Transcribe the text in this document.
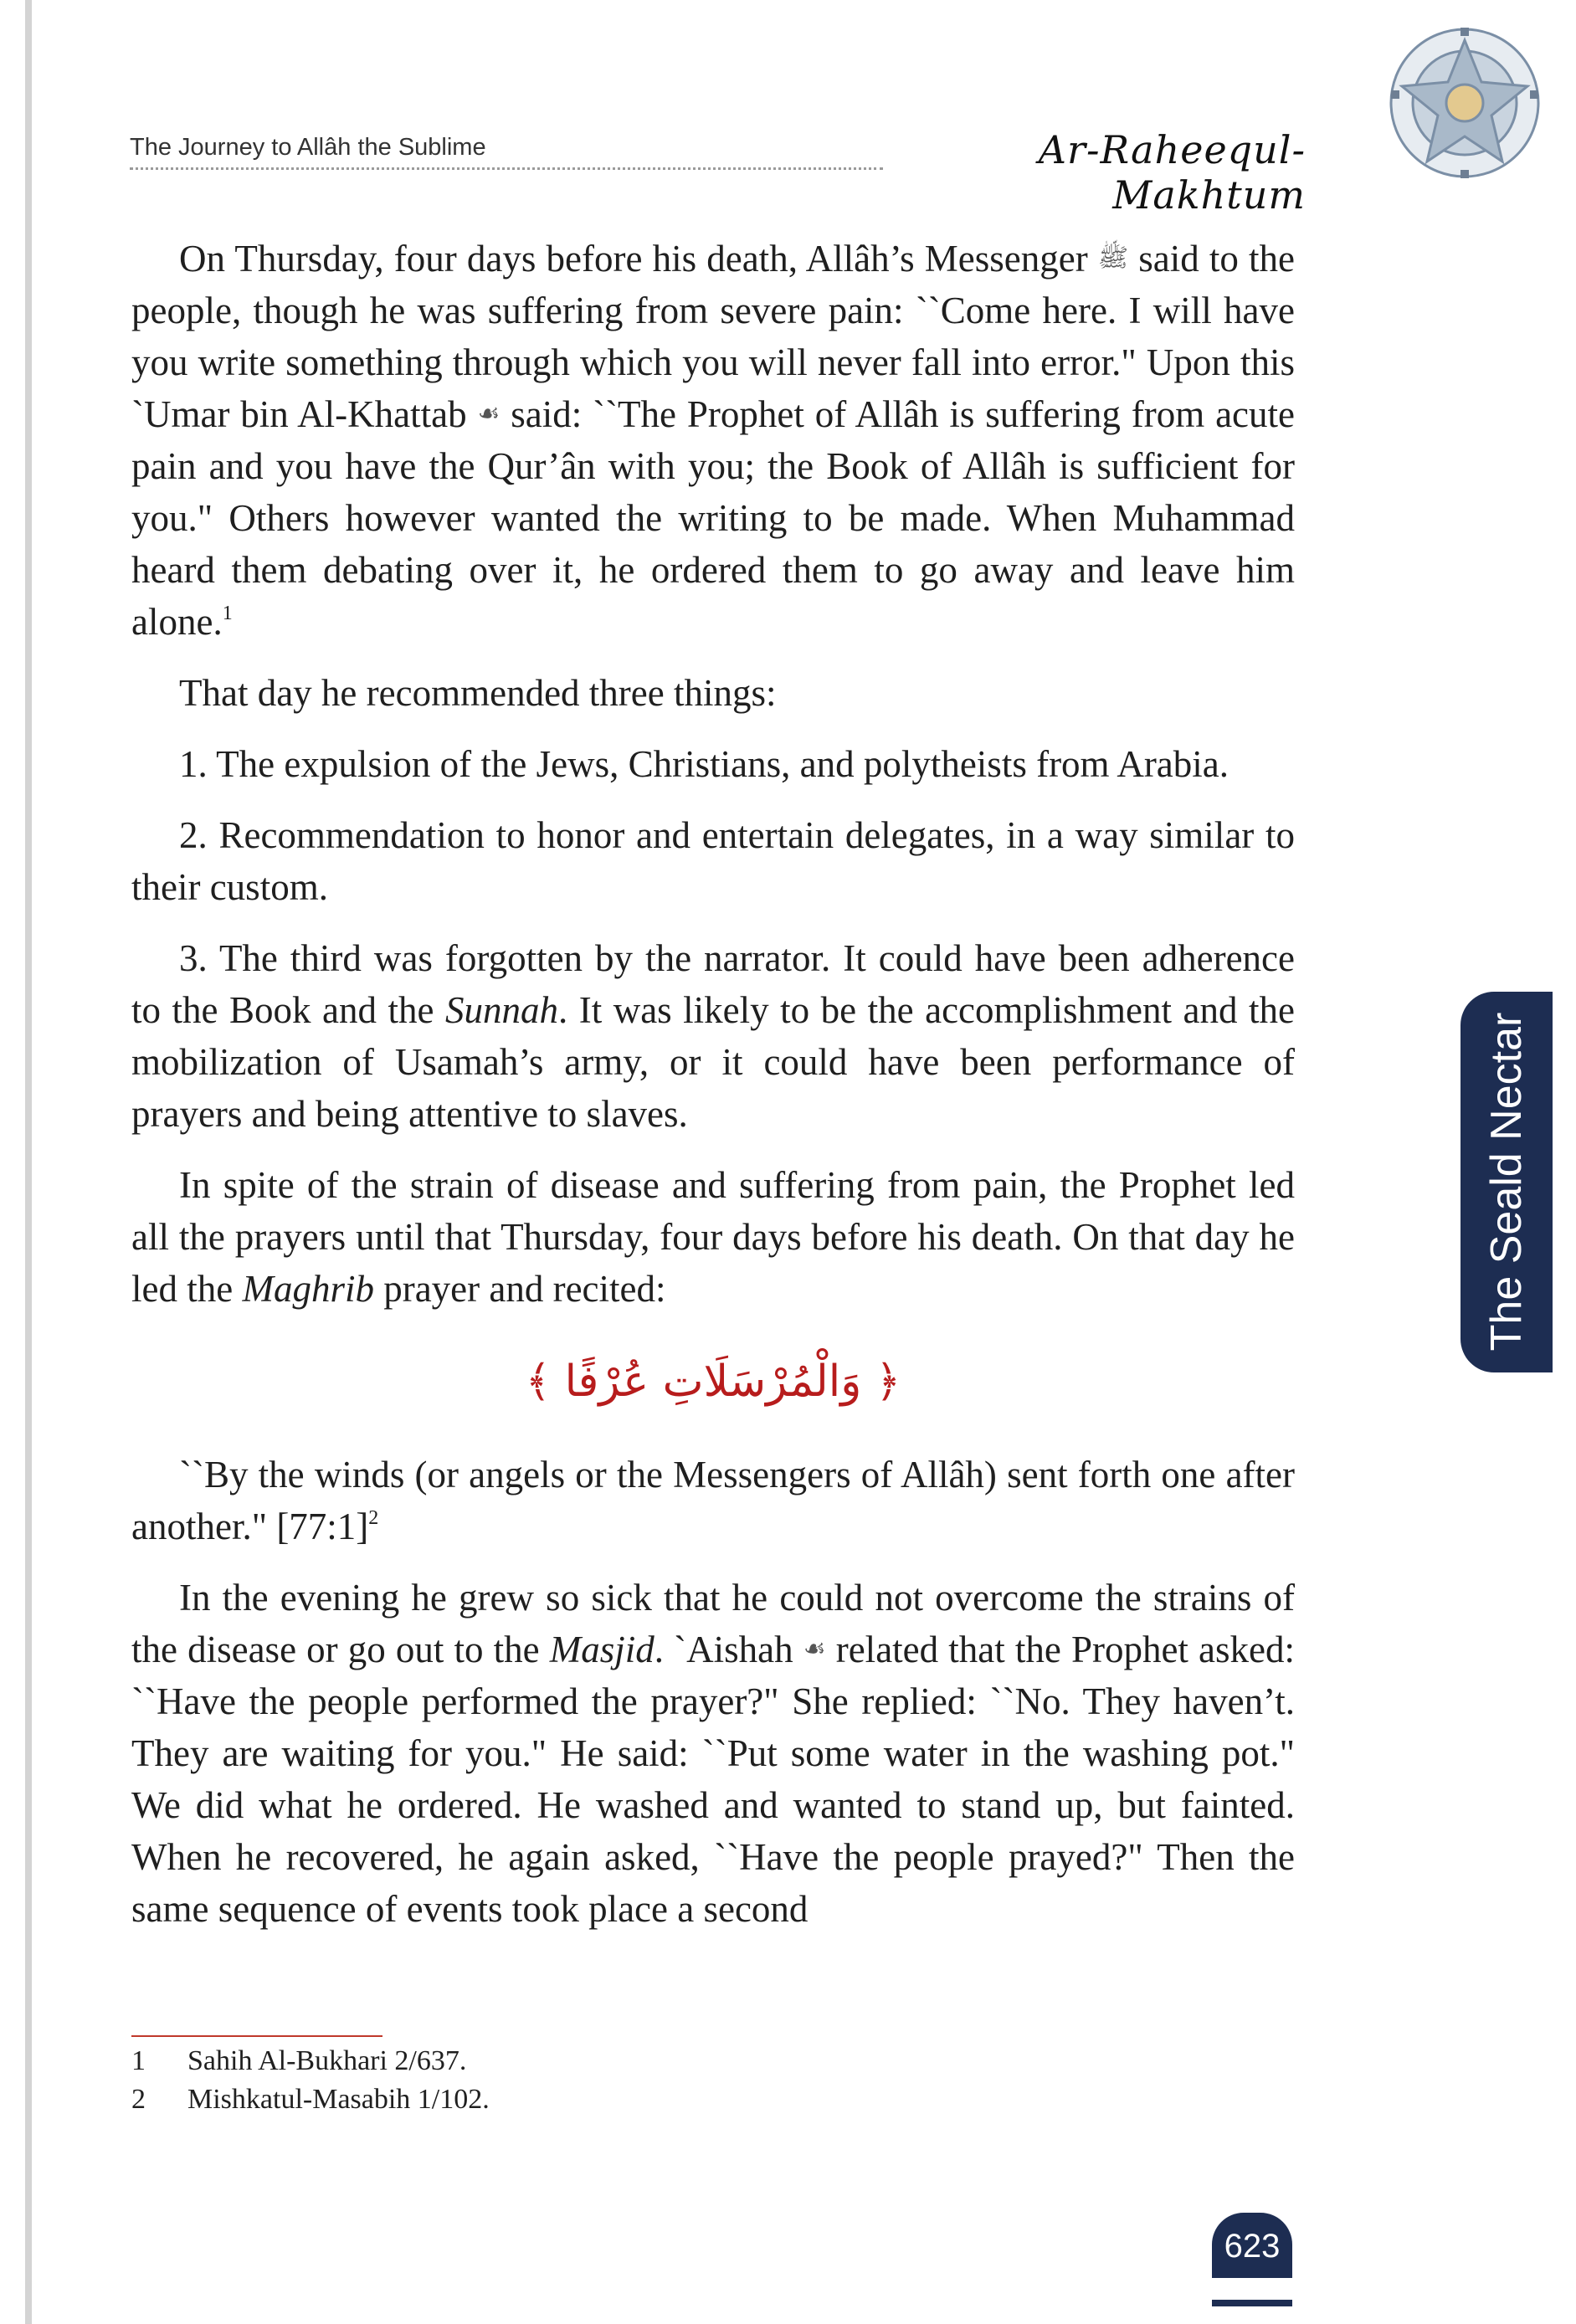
The Journey to Allâh the Sublime	Ar-Raheequl-Makhtum

On Thursday, four days before his death, Allâh’s Messenger ﷺ said to the people, though he was suffering from severe pain: ``Come here. I will have you write something through which you will never fall into error." Upon this `Umar bin Al-Khattab ☙ said: ``The Prophet of Allâh is suffering from acute pain and you have the Qur’ân with you; the Book of Allâh is sufficient for you." Others however wanted the writing to be made. When Muhammad heard them debating over it, he ordered them to go away and leave him alone.$^1$

That day he recommended three things:

1. The expulsion of the Jews, Christians, and polytheists from Arabia.

2. Recommendation to honor and entertain delegates, in a way similar to their custom.

3. The third was forgotten by the narrator. It could have been adherence to the Book and the Sunnah. It was likely to be the accomplishment and the mobilization of Usamah’s army, or it could have been performance of prayers and being attentive to slaves.

In spite of the strain of disease and suffering from pain, the Prophet led all the prayers until that Thursday, four days before his death. On that day he led the Maghrib prayer and recited:

﴿ وَالْمُرْسَلَاتِ عُرْفًا ﴾

``By the winds (or angels or the Messengers of Allâh) sent forth one after another." [77:1]$^2$

In the evening he grew so sick that he could not overcome the strains of the disease or go out to the Masjid. `Aishah ☙ related that the Prophet asked: ``Have the people performed the prayer?" She replied: ``No. They haven’t. They are waiting for you." He said: ``Put some water in the washing pot." We did what he ordered. He washed and wanted to stand up, but fainted. When he recovered, he again asked, ``Have the people prayed?" Then the same sequence of events took place a second

The Seald Nectar
1	Sahih Al-Bukhari 2/637.
2	Mishkatul-Masabih 1/102.
623
